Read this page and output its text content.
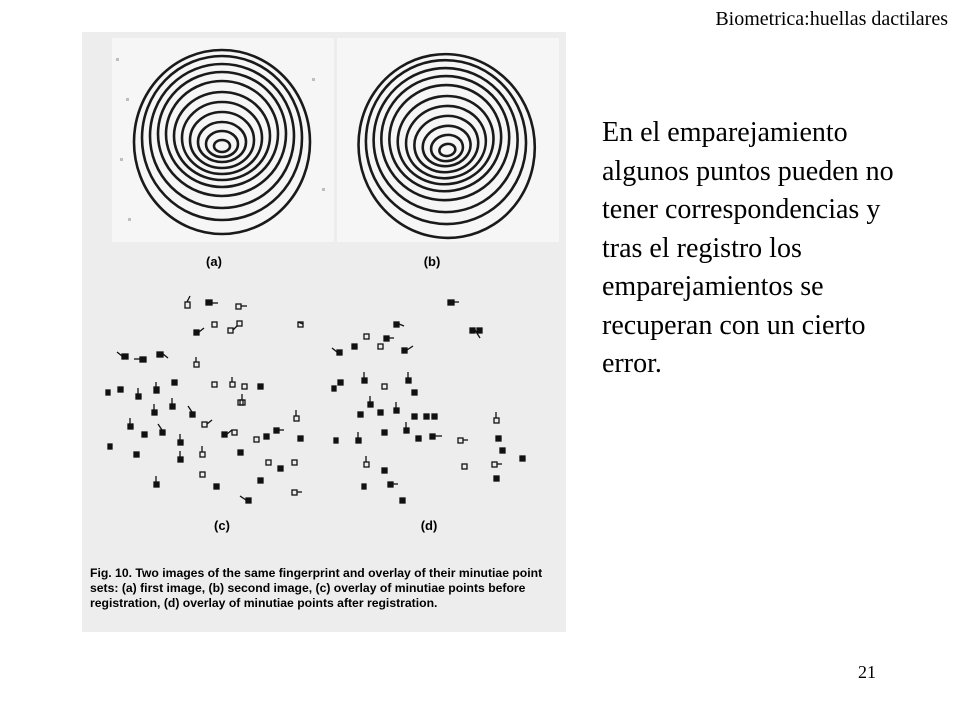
Biometrica:huellas dactilares
(a)	(b)
(c)	(d)

Fig. 10. Two images of the same fingerprint and overlay of their minutiae point sets: (a) first image, (b) second image, (c) overlay of minutiae points before registration, (d) overlay of minutiae points after registration.

En el emparejamiento algunos puntos pueden no tener correspondencias y tras el registro los emparejamientos se recuperan con un cierto error.

21
